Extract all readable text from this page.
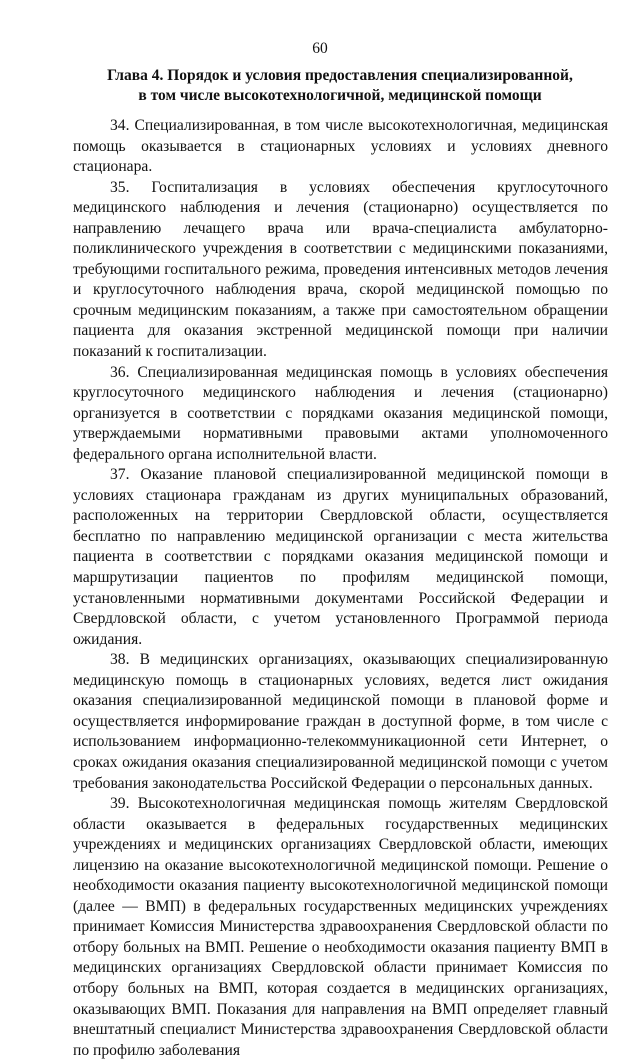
60
Глава 4. Порядок и условия предоставления специализированной,
в том числе высокотехнологичной, медицинской помощи

34. Специализированная, в том числе высокотехнологичная, медицинская помощь оказывается в стационарных условиях и условиях дневного стационара.

35. Госпитализация в условиях обеспечения круглосуточного медицинского наблюдения и лечения (стационарно) осуществляется по направлению лечащего врача или врача-специалиста амбулаторно-поликлинического учреждения в соответствии с медицинскими показаниями, требующими госпитального режима, проведения интенсивных методов лечения и круглосуточного наблюдения врача, скорой медицинской помощью по срочным медицинским показаниям, а также при самостоятельном обращении пациента для оказания экстренной медицинской помощи при наличии показаний к госпитализации.

36. Специализированная медицинская помощь в условиях обеспечения круглосуточного медицинского наблюдения и лечения (стационарно) организуется в соответствии с порядками оказания медицинской помощи, утверждаемыми нормативными правовыми актами уполномоченного федерального органа исполнительной власти.

37. Оказание плановой специализированной медицинской помощи в условиях стационара гражданам из других муниципальных образований, расположенных на территории Свердловской области, осуществляется бесплатно по направлению медицинской организации с места жительства пациента в соответствии с порядками оказания медицинской помощи и маршрутизации пациентов по профилям медицинской помощи, установленными нормативными документами Российской Федерации и Свердловской области, с учетом установленного Программой периода ожидания.

38. В медицинских организациях, оказывающих специализированную медицинскую помощь в стационарных условиях, ведется лист ожидания оказания специализированной медицинской помощи в плановой форме и осуществляется информирование граждан в доступной форме, в том числе с использованием информационно-телекоммуникационной сети Интернет, о сроках ожидания оказания специализированной медицинской помощи с учетом требования законодательства Российской Федерации о персональных данных.

39. Высокотехнологичная медицинская помощь жителям Свердловской области оказывается в федеральных государственных медицинских учреждениях и медицинских организациях Свердловской области, имеющих лицензию на оказание высокотехнологичной медицинской помощи. Решение о необходимости оказания пациенту высокотехнологичной медицинской помощи (далее — ВМП) в федеральных государственных медицинских учреждениях принимает Комиссия Министерства здравоохранения Свердловской области по отбору больных на ВМП. Решение о необходимости оказания пациенту ВМП в медицинских организациях Свердловской области принимает Комиссия по отбору больных на ВМП, которая создается в медицинских организациях, оказывающих ВМП. Показания для направления на ВМП определяет главный внештатный специалист Министерства здравоохранения Свердловской области по профилю заболевания
